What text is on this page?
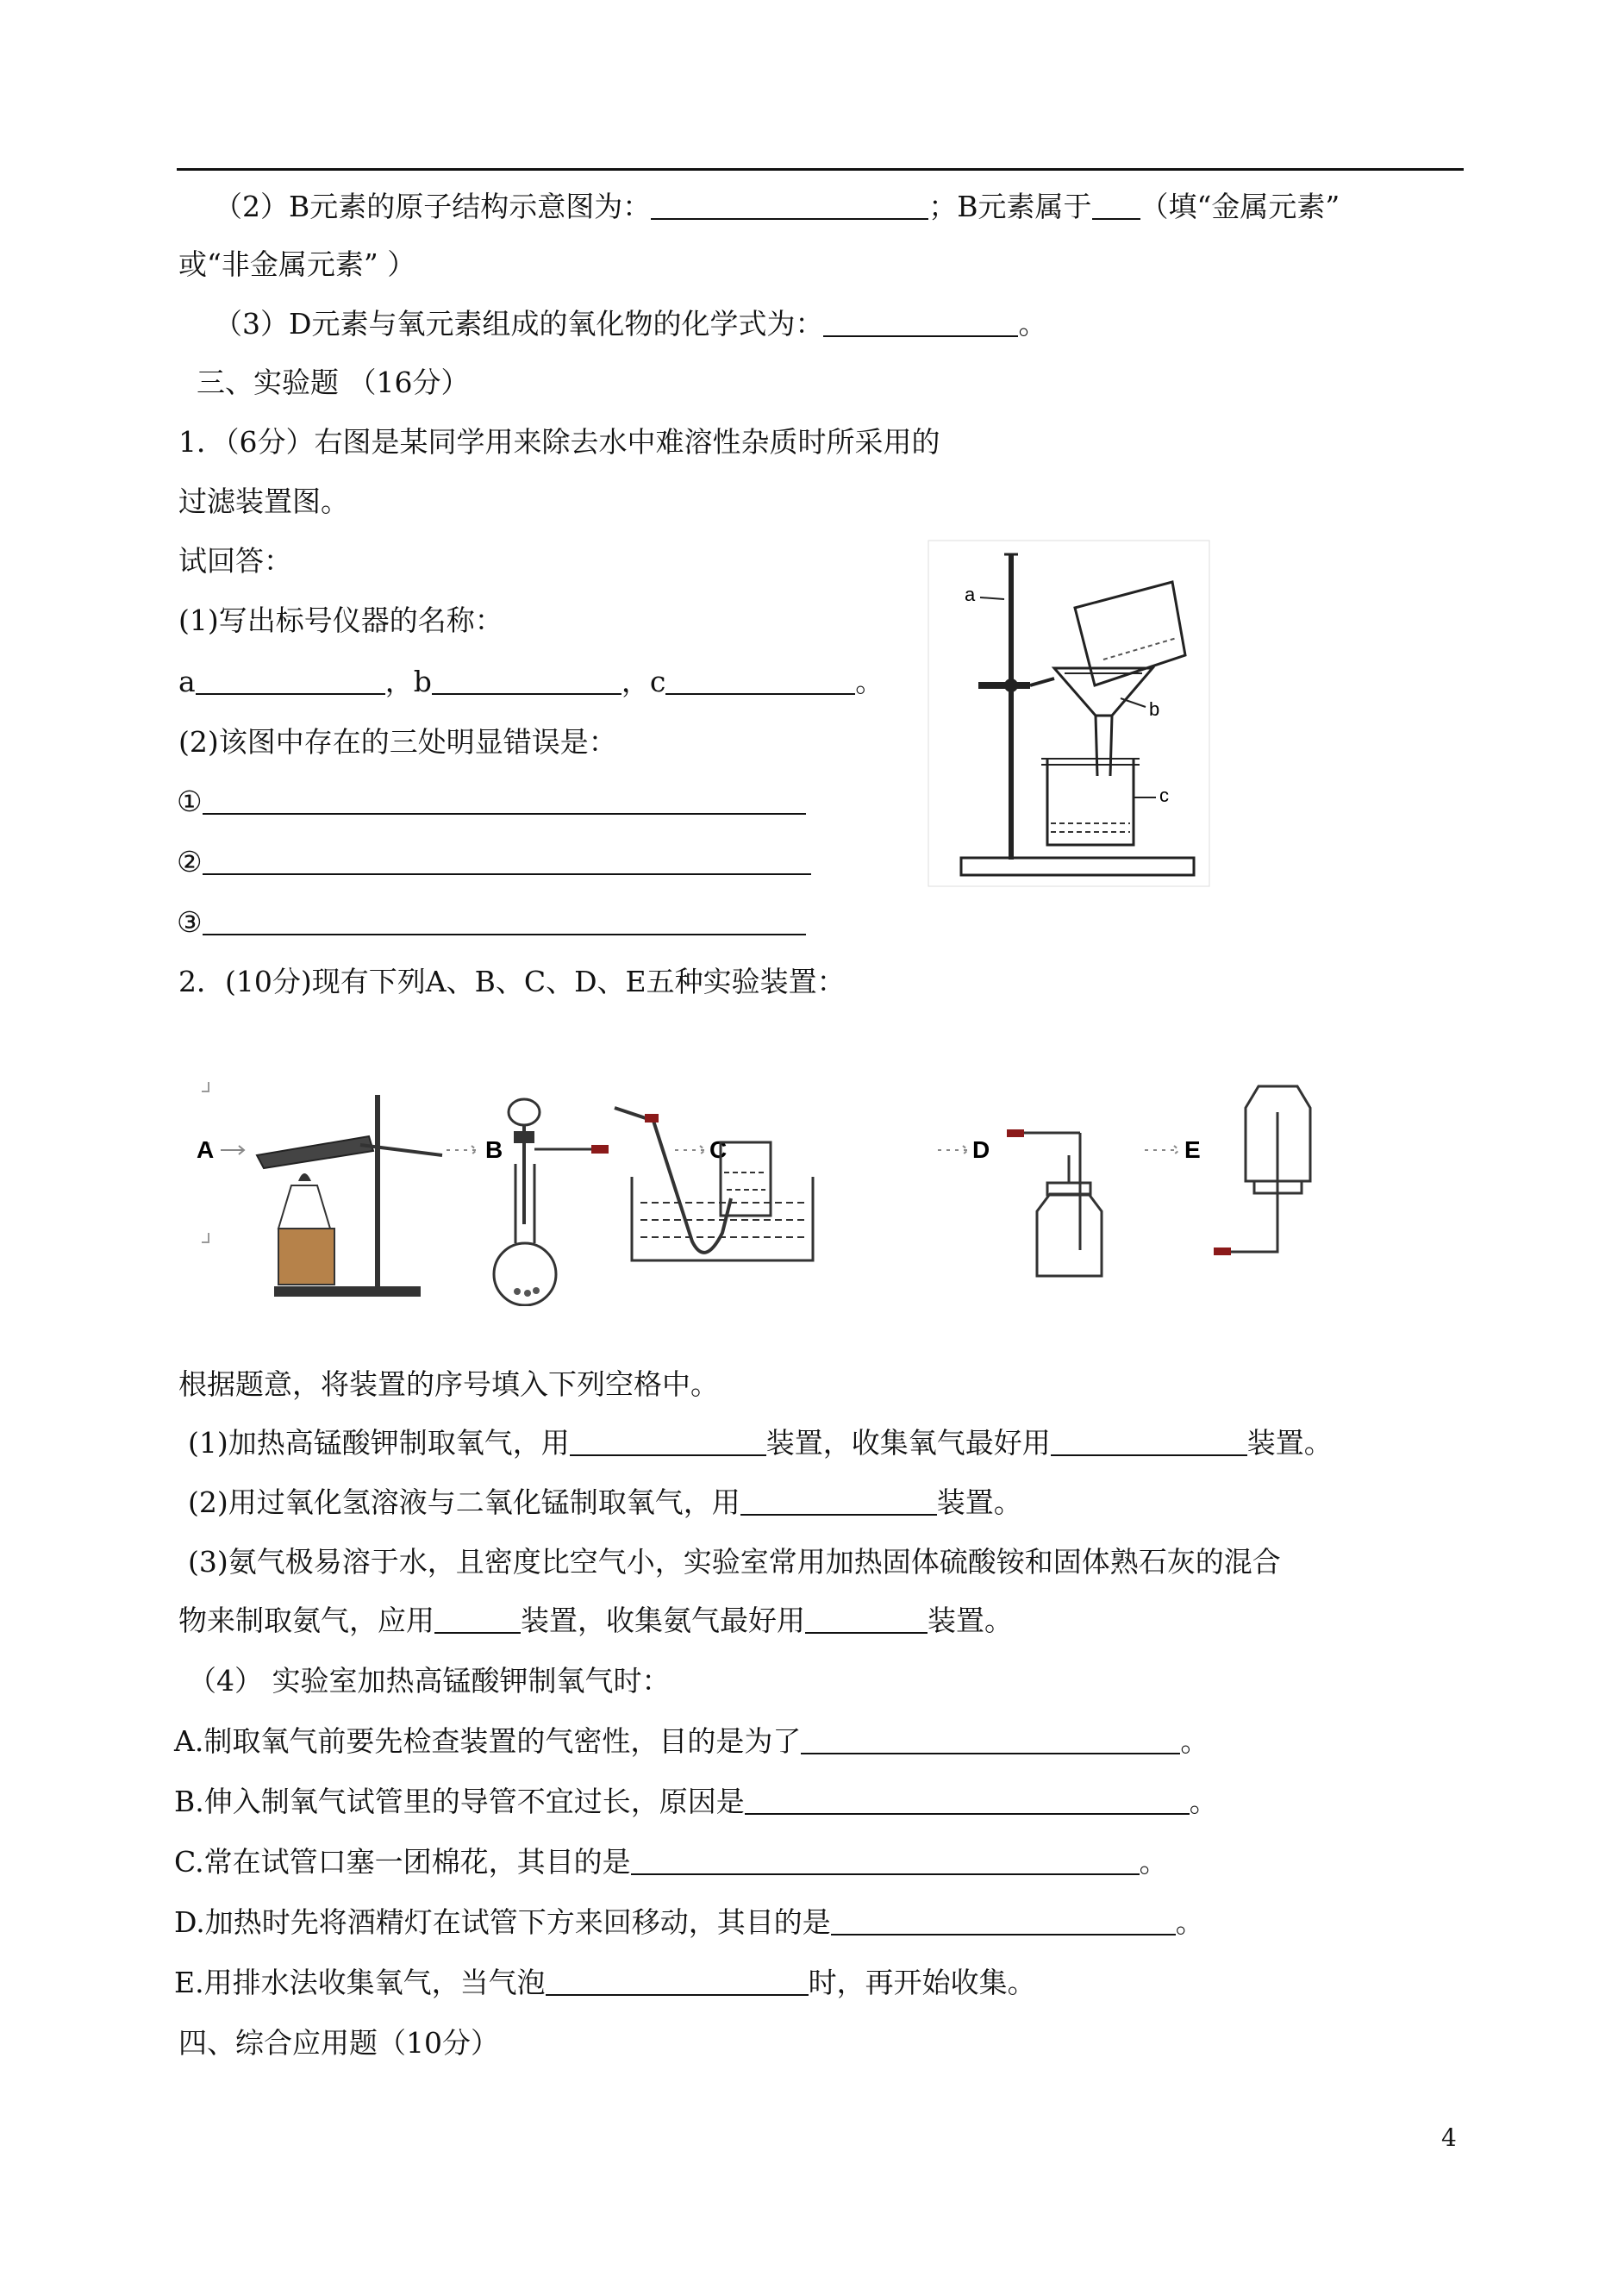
（2）B元素的原子结构示意图为：	；B元素属于 （填“金属元素”
或“非金属元素” ）
（3）D元素与氧元素组成的氧化物的化学式为：	。
三、实验题 （16分）
1．（6分）右图是某同学用来除去水中难溶性杂质时所采用的
过滤装置图。
试回答：
(1)写出标号仪器的名称：
a	，b	，c	。
(2)该图中存在的三处明显错误是：
①
②
③
a
b
c
2．(10分)现有下列A、B、C、D、E五种实验装置：
A	B	C	D	E
根据题意，将装置的序号填入下列空格中。
(1)加热高锰酸钾制取氧气，用	装置，收集氧气最好用	装置。
(2)用过氧化氢溶液与二氧化锰制取氧气，用	装置。
(3)氨气极易溶于水，且密度比空气小，实验室常用加热固体硫酸铵和固体熟石灰的混合
物来制取氨气，应用	装置，收集氨气最好用	装置。
（4） 实验室加热高锰酸钾制氧气时：
A.制取氧气前要先检查装置的气密性，目的是为了	。
B.伸入制氧气试管里的导管不宜过长，原因是	。
C.常在试管口塞一团棉花，其目的是	。
D.加热时先将酒精灯在试管下方来回移动，其目的是	。
E.用排水法收集氧气，当气泡	时，再开始收集。
四、综合应用题（10分）
4
